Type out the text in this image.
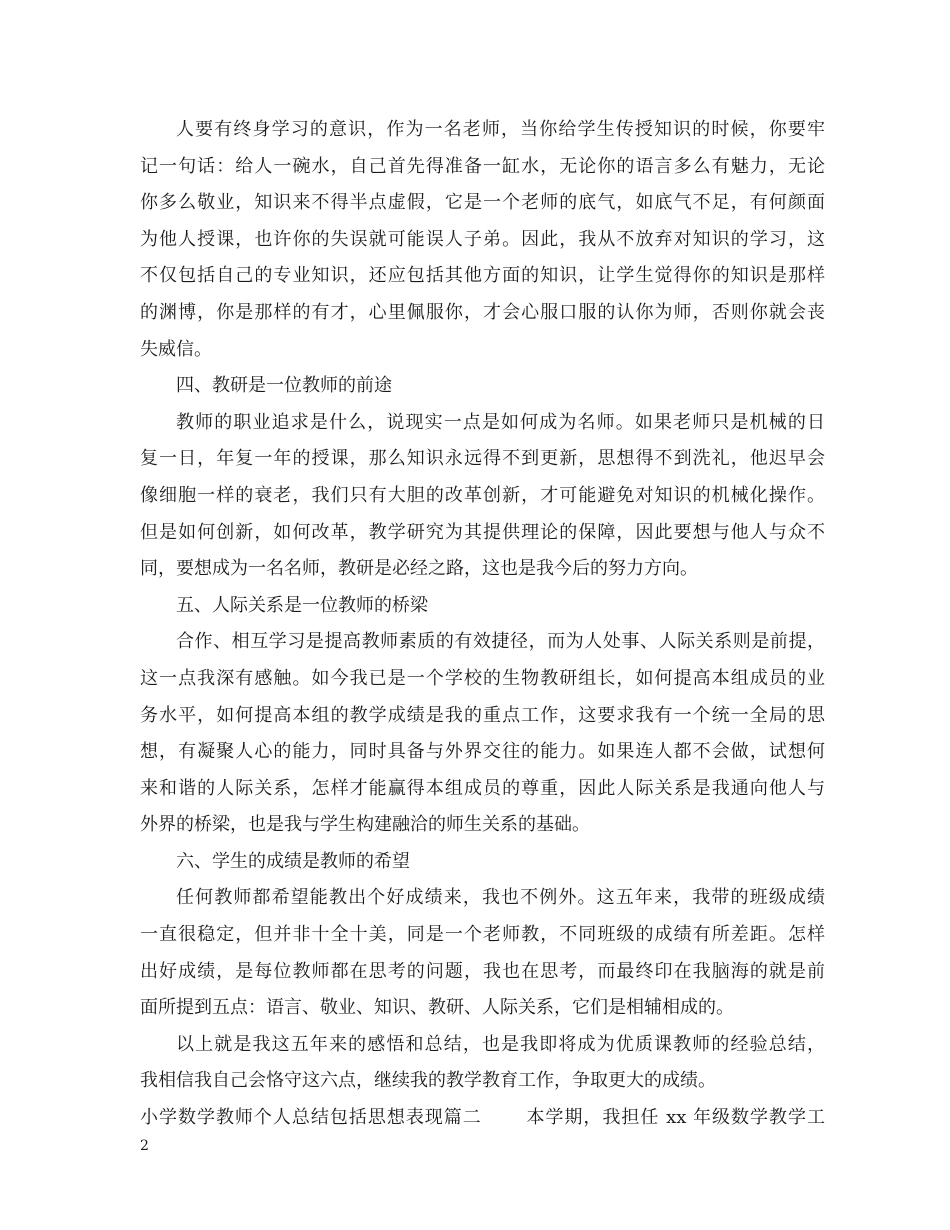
人要有终身学习的意识，作为一名老师，当你给学生传授知识的时候，你要牢
记一句话：给人一碗水，自己首先得准备一缸水，无论你的语言多么有魅力，无论
你多么敬业，知识来不得半点虚假，它是一个老师的底气，如底气不足，有何颜面
为他人授课，也许你的失误就可能误人子弟。因此，我从不放弃对知识的学习，这
不仅包括自己的专业知识，还应包括其他方面的知识，让学生觉得你的知识是那样
的渊博，你是那样的有才，心里佩服你，才会心服口服的认你为师，否则你就会丧
失威信。
四、教研是一位教师的前途
教师的职业追求是什么，说现实一点是如何成为名师。如果老师只是机械的日
复一日，年复一年的授课，那么知识永远得不到更新，思想得不到洗礼，他迟早会
像细胞一样的衰老，我们只有大胆的改革创新，才可能避免对知识的机械化操作。
但是如何创新，如何改革，教学研究为其提供理论的保障，因此要想与他人与众不
同，要想成为一名名师，教研是必经之路，这也是我今后的努力方向。
五、人际关系是一位教师的桥梁
合作、相互学习是提高教师素质的有效捷径，而为人处事、人际关系则是前提，
这一点我深有感触。如今我已是一个学校的生物教研组长，如何提高本组成员的业
务水平，如何提高本组的教学成绩是我的重点工作，这要求我有一个统一全局的思
想，有凝聚人心的能力，同时具备与外界交往的能力。如果连人都不会做，试想何
来和谐的人际关系，怎样才能赢得本组成员的尊重，因此人际关系是我通向他人与
外界的桥梁，也是我与学生构建融洽的师生关系的基础。
六、学生的成绩是教师的希望
任何教师都希望能教出个好成绩来，我也不例外。这五年来，我带的班级成绩
一直很稳定，但并非十全十美，同是一个老师教，不同班级的成绩有所差距。怎样
出好成绩，是每位教师都在思考的问题，我也在思考，而最终印在我脑海的就是前
面所提到五点：语言、敬业、知识、教研、人际关系，它们是相辅相成的。
以上就是我这五年来的感悟和总结，也是我即将成为优质课教师的经验总结，
我相信我自己会恪守这六点，继续我的教学教育工作，争取更大的成绩。
小学数学教师个人总结包括思想表现篇二　　 本学期，我担任 xx 年级数学教学工
2
